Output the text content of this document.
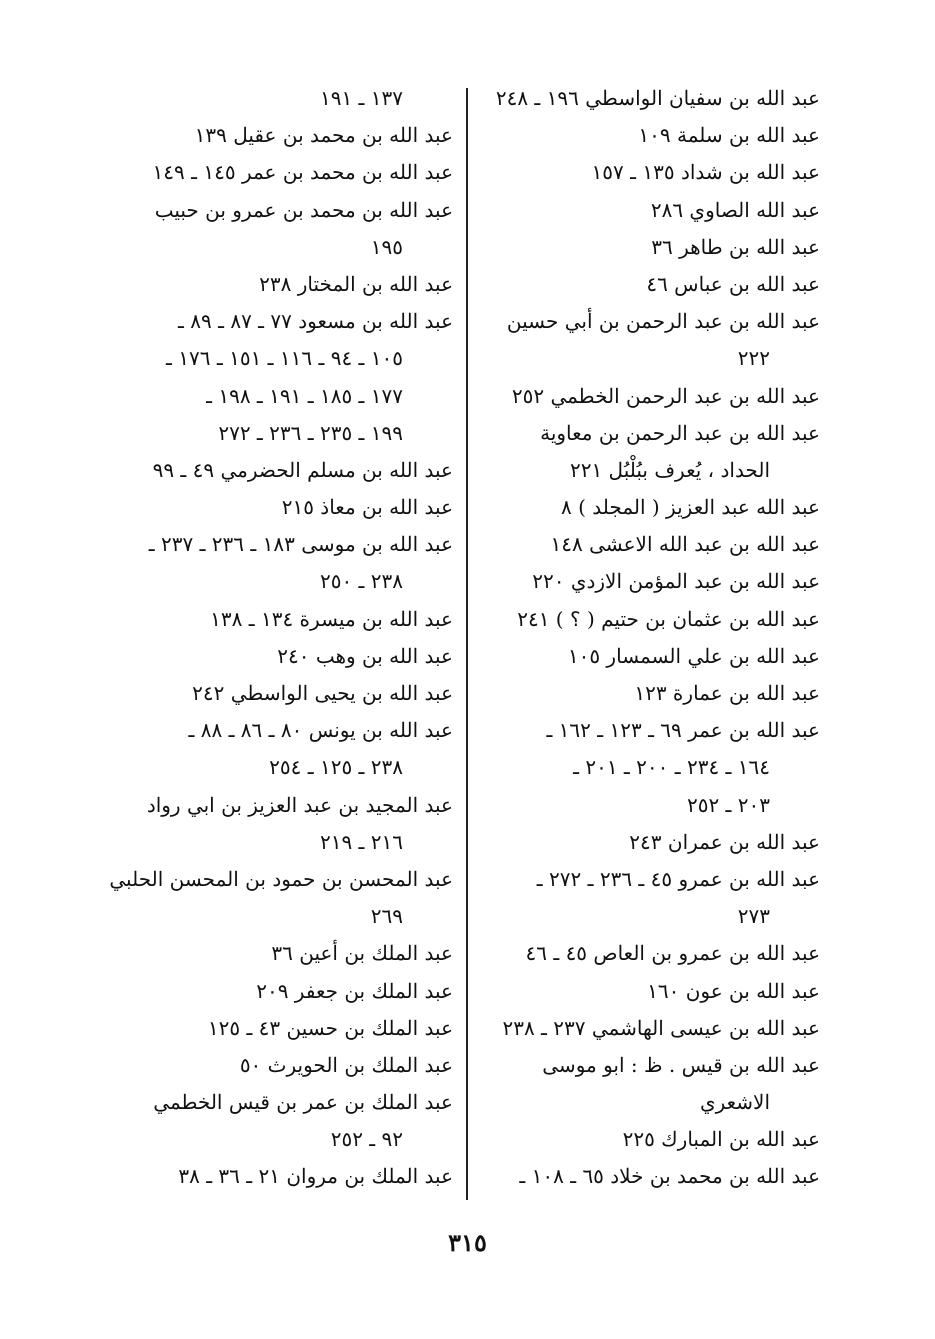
عبد الله بن سفيان الواسطي ١٩٦ ـ ٢٤٨
عبد الله بن سلمة ١٠٩
عبد الله بن شداد ١٣٥ ـ ١٥٧
عبد الله الصاوي ٢٨٦
عبد الله بن طاهر ٣٦
عبد الله بن عباس ٤٦
عبد الله بن عبد الرحمن بن أبي حسين
٢٢٢
عبد الله بن عبد الرحمن الخطمي ٢٥٢
عبد الله بن عبد الرحمن بن معاوية
الحداد ، يُعرف ببُلْبُل ٢٢١
عبد الله عبد العزيز ( المجلد ) ٨
عبد الله بن عبد الله الاعشى ١٤٨
عبد الله بن عبد المؤمن الازدي ٢٢٠
عبد الله بن عثمان بن حتيم ( ؟ ) ٢٤١
عبد الله بن علي السمسار ١٠٥
عبد الله بن عمارة ١٢٣
عبد الله بن عمر ٦٩ ـ ١٢٣ ـ ١٦٢ ـ
١٦٤ ـ ٢٣٤ ـ ٢٠٠ ـ ٢٠١ ـ
٢٠٣ ـ ٢٥٢
عبد الله بن عمران ٢٤٣
عبد الله بن عمرو ٤٥ ـ ٢٣٦ ـ ٢٧٢ ـ
٢٧٣
عبد الله بن عمرو بن العاص ٤٥ ـ ٤٦
عبد الله بن عون ١٦٠
عبد الله بن عيسى الهاشمي ٢٣٧ ـ ٢٣٨
عبد الله بن قيس . ظ : ابو موسى
الاشعري
عبد الله بن المبارك ٢٢٥
عبد الله بن محمد بن خلاد ٦٥ ـ ١٠٨ ـ
١٣٧ ـ ١٩١
عبد الله بن محمد بن عقيل ١٣٩
عبد الله بن محمد بن عمر ١٤٥ ـ ١٤٩
عبد الله بن محمد بن عمرو بن حبيب
١٩٥
عبد الله بن المختار ٢٣٨
عبد الله بن مسعود ٧٧ ـ ٨٧ ـ ٨٩ ـ
١٠٥ ـ ٩٤ ـ ١١٦ ـ ١٥١ ـ ١٧٦ ـ
١٧٧ ـ ١٨٥ ـ ١٩١ ـ ١٩٨ ـ
١٩٩ ـ ٢٣٥ ـ ٢٣٦ ـ ٢٧٢
عبد الله بن مسلم الحضرمي ٤٩ ـ ٩٩
عبد الله بن معاذ ٢١٥
عبد الله بن موسى ١٨٣ ـ ٢٣٦ ـ ٢٣٧ ـ
٢٣٨ ـ ٢٥٠
عبد الله بن ميسرة ١٣٤ ـ ١٣٨
عبد الله بن وهب ٢٤٠
عبد الله بن يحيى الواسطي ٢٤٢
عبد الله بن يونس ٨٠ ـ ٨٦ ـ ٨٨ ـ
٢٣٨ ـ ١٢٥ ـ ٢٥٤
عبد المجيد بن عبد العزيز بن ابي رواد
٢١٦ ـ ٢١٩
عبد المحسن بن حمود بن المحسن الحلبي
٢٦٩
عبد الملك بن أعين ٣٦
عبد الملك بن جعفر ٢٠٩
عبد الملك بن حسين ٤٣ ـ ١٢٥
عبد الملك بن الحويرث ٥٠
عبد الملك بن عمر بن قيس الخطمي
٩٢ ـ ٢٥٢
عبد الملك بن مروان ٢١ ـ ٣٦ ـ ٣٨
٣١٥
